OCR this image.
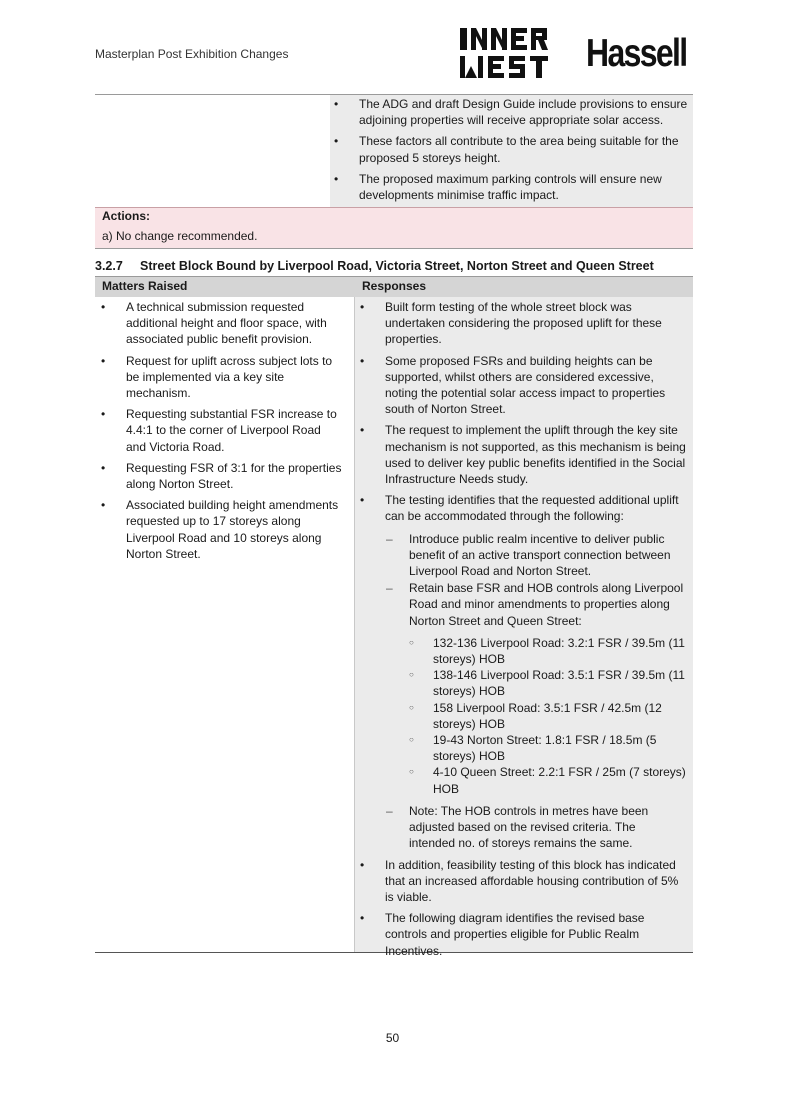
Masterplan Post Exhibition Changes	Hassell
• The ADG and draft Design Guide include provisions to ensure adjoining properties will receive appropriate solar access.
• These factors all contribute to the area being suitable for the proposed 5 storeys height.
• The proposed maximum parking controls will ensure new developments minimise traffic impact.
Actions:
a) No change recommended.
3.2.7 Street Block Bound by Liverpool Road, Victoria Street, Norton Street and Queen Street
Matters Raised	Responses
• A technical submission requested additional height and floor space, with associated public benefit provision.
• Request for uplift across subject lots to be implemented via a key site mechanism.
• Requesting substantial FSR increase to 4.4:1 to the corner of Liverpool Road and Victoria Road.
• Requesting FSR of 3:1 for the properties along Norton Street.
• Associated building height amendments requested up to 17 storeys along Liverpool Road and 10 storeys along Norton Street.
• Built form testing of the whole street block was undertaken considering the proposed uplift for these properties.
• Some proposed FSRs and building heights can be supported, whilst others are considered excessive, noting the potential solar access impact to properties south of Norton Street.
• The request to implement the uplift through the key site mechanism is not supported, as this mechanism is being used to deliver key public benefits identified in the Social Infrastructure Needs study.
• The testing identifies that the requested additional uplift can be accommodated through the following:
– Introduce public realm incentive to deliver public benefit of an active transport connection between Liverpool Road and Norton Street.
– Retain base FSR and HOB controls along Liverpool Road and minor amendments to properties along Norton Street and Queen Street:
○ 132-136 Liverpool Road: 3.2:1 FSR / 39.5m (11 storeys) HOB
○ 138-146 Liverpool Road: 3.5:1 FSR / 39.5m (11 storeys) HOB
○ 158 Liverpool Road: 3.5:1 FSR / 42.5m (12 storeys) HOB
○ 19-43 Norton Street: 1.8:1 FSR / 18.5m (5 storeys) HOB
○ 4-10 Queen Street: 2.2:1 FSR / 25m (7 storeys) HOB
– Note: The HOB controls in metres have been adjusted based on the revised criteria. The intended no. of storeys remains the same.
• In addition, feasibility testing of this block has indicated that an increased affordable housing contribution of 5% is viable.
• The following diagram identifies the revised base controls and properties eligible for Public Realm Incentives.
50
